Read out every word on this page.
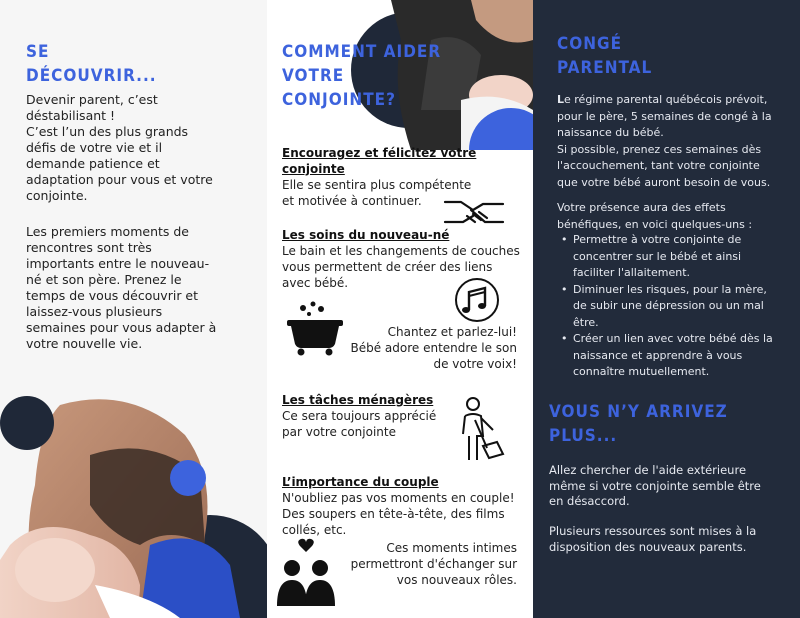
SE
DÉCOUVRIR...

Devenir parent, c’est
déstabilisant !
C’est l’un des plus grands
défis de votre vie et il
demande patience et
adaptation pour vous et votre
conjointe.

Les premiers moments de
rencontres sont très
importants entre le nouveau-
né et son père. Prenez le
temps de vous découvrir et
laissez-vous plusieurs
semaines pour vous adapter à
votre nouvelle vie.

COMMENT AIDER VOTRE
CONJOINTE?
Encouragez et félicitez votre conjointe
Elle se sentira plus compétente et motivée à continuer.
Les soins du nouveau-né
Le bain et les changements de couches vous permettent de créer des liens avec bébé.
Chantez et parlez-lui!
Bébé adore entendre le son
de votre voix!
Les tâches ménagères
Ce sera toujours apprécié par votre conjointe
L’importance du couple
N'oubliez pas vos moments en couple! Des soupers en tête-à-tête, des films collés, etc.
Ces moments intimes
permettront d'échanger sur
vos nouveaux rôles.
CONGÉ
PARENTAL

Le régime parental québécois prévoit,
pour le père, 5 semaines de congé à la
naissance du bébé.
Si possible, prenez ces semaines dès
l'accouchement, tant votre conjointe
que votre bébé auront besoin de vous.

Votre présence aura des effets
bénéfiques, en voici quelques-uns :

• Permettre à votre conjointe de concentrer sur le bébé et ainsi faciliter l'allaitement.
• Diminuer les risques, pour la mère, de subir une dépression ou un mal être.
• Créer un lien avec votre bébé dès la naissance et apprendre à vous connaître mutuellement.
VOUS N’Y ARRIVEZ
PLUS...

Allez chercher de l'aide extérieure
même si votre conjointe semble être
en désaccord.

Plusieurs ressources sont mises à la
disposition des nouveaux parents.
